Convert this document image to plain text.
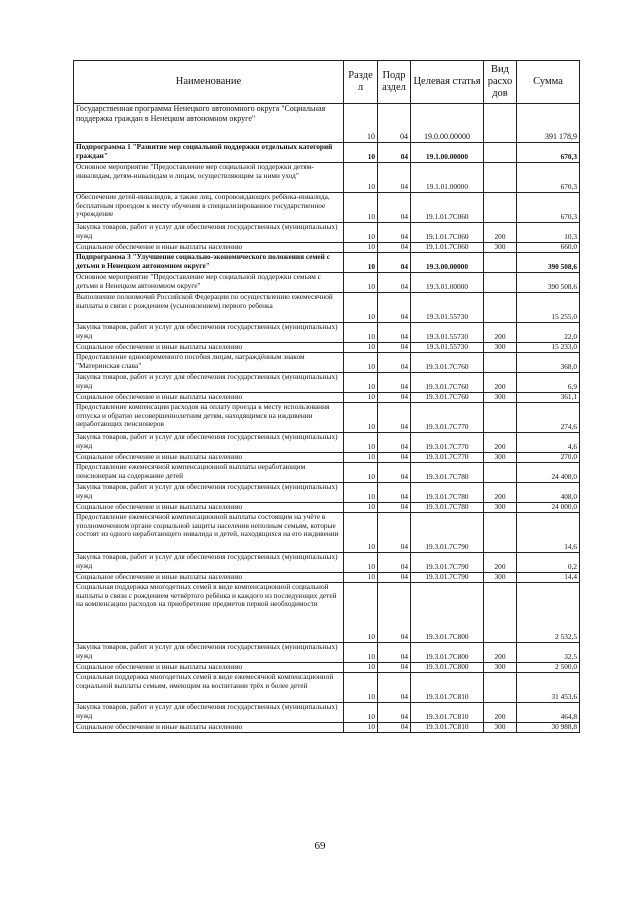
Наименование	Разде л	Подр аздел	Целевая статья	Вид расхо дов	Сумма
Государственная программа Ненецкого автономного округа "Социальная поддержка граждан в Ненецком автономном округе"	10	04	19.0.00.00000		391 178,9
Подпрограмма 1 "Развитие мер социальной поддержки отдельных категорий граждан"	10	04	19.1.00.00000		670,3
Основное мероприятие "Предоставление мер социальной поддержки детям-инвалидам, детям-инвалидам и лицам, осуществляющим за ними уход"	10	04	19.1.01.00000		670,3
Обеспечение детей-инвалидов, а также лиц, сопровождающих ребёнка-инвалида, бесплатным проездом к месту обучения в специализированное государственное учреждение	10	04	19.1.01.7С060		670,3
Закупка товаров, работ и услуг для обеспечения государственных (муниципальных) нужд	10	04	19.1.01.7С060	200	10,3
Социальное обеспечение и иные выплаты населению	10	04	19.1.01.7С060	300	660,0
Подпрограмма 3 "Улучшение социально-экономического положения семей с детьми в Ненецком автономном округе"	10	04	19.3.00.00000		390 508,6
Основное мероприятие "Предоставление мер социальной поддержки семьям с детьми в Ненецком автономном округе"	10	04	19.3.01.00000		390 508,6
Выполнение полномочий Российской Федерации по осуществлению ежемесячной выплаты в связи с рождением (усыновлением) первого ребенка	10	04	19.3.01.55730		15 255,0
Закупка товаров, работ и услуг для обеспечения государственных (муниципальных) нужд	10	04	19.3.01.55730	200	22,0
Социальное обеспечение и иные выплаты населению	10	04	19.3.01.55730	300	15 233,0
Предоставление единовременного пособия лицам, награждённым знаком "Материнская слава"	10	04	19.3.01.7С760		368,0
Закупка товаров, работ и услуг для обеспечения государственных (муниципальных) нужд	10	04	19.3.01.7С760	200	6,9
Социальное обеспечение и иные выплаты населению	10	04	19.3.01.7С760	300	361,1
Предоставление компенсации расходов на оплату проезда к месту использования отпуска и обратно несовершеннолетним детям, находящимся на иждивении неработающих пенсионеров	10	04	19.3.01.7С770		274,6
Закупка товаров, работ и услуг для обеспечения государственных (муниципальных) нужд	10	04	19.3.01.7С770	200	4,6
Социальное обеспечение и иные выплаты населению	10	04	19.3.01.7С770	300	270,0
Предоставление ежемесячной компенсационной выплаты неработающим пенсионерам на содержание детей	10	04	19.3.01.7С780		24 408,0
Закупка товаров, работ и услуг для обеспечения государственных (муниципальных) нужд	10	04	19.3.01.7С780	200	408,0
Социальное обеспечение и иные выплаты населению	10	04	19.3.01.7С780	300	24 000,0
Предоставление ежемесячной компенсационной выплаты состоящим на учёте в уполномоченном органе социальной защиты населения неполным семьям, которые состоят из одного неработающего инвалида и детей, находящихся на его иждивении	10	04	19.3.01.7С790		14,6
Закупка товаров, работ и услуг для обеспечения государственных (муниципальных) нужд	10	04	19.3.01.7С790	200	0,2
Социальное обеспечение и иные выплаты населению	10	04	19.3.01.7С790	300	14,4
Социальная поддержка многодетных семей в виде компенсационной социальной выплаты в связи с рождением четвёртого ребёнка и каждого из последующих детей на компенсацию расходов на приобретение предметов первой необходимости	10	04	19.3.01.7С800		2 532,5
Закупка товаров, работ и услуг для обеспечения государственных (муниципальных) нужд	10	04	19.3.01.7С800	200	32,5
Социальное обеспечение и иные выплаты населению	10	04	19.3.01.7С800	300	2 500,0
Социальная поддержка многодетных семей в виде ежемесячной компенсационной социальной выплаты семьям, имеющим на воспитании трёх и более детей	10	04	19.3.01.7С810		31 453,6
Закупка товаров, работ и услуг для обеспечения государственных (муниципальных) нужд	10	04	19.3.01.7С810	200	464,8
Социальное обеспечение и иные выплаты населению	10	04	19.3.01.7С810	300	30 988,8
69
